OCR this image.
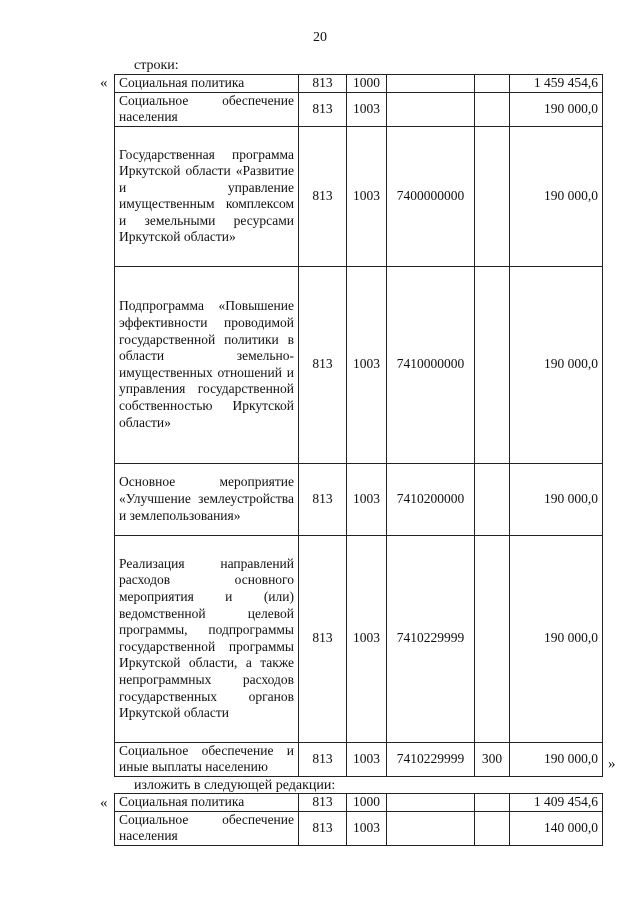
20
строки:
« Социальная политика	813	1000			1 459 454,6
Социальное обеспечение населения	813	1003			190 000,0
Государственная программа Иркутской области «Развитие и управление имущественным комплексом и земельными ресурсами Иркутской области»	813	1003	7400000000		190 000,0
Подпрограмма «Повышение эффективности проводимой государственной политики в области земельно-имущественных отношений и управления государственной собственностью Иркутской области»	813	1003	7410000000		190 000,0
Основное мероприятие «Улучшение землеустройства и землепользования»	813	1003	7410200000		190 000,0
Реализация направлений расходов основного мероприятия и (или) ведомственной целевой программы, подпрограммы государственной программы Иркутской области, а также непрограммных расходов государственных органов Иркутской области	813	1003	7410229999		190 000,0
Социальное обеспечение и иные выплаты населению	813	1003	7410229999	300	190 000,0 »
изложить в следующей редакции:
« Социальная политика	813	1000			1 409 454,6
Социальное обеспечение населения	813	1003			140 000,0
